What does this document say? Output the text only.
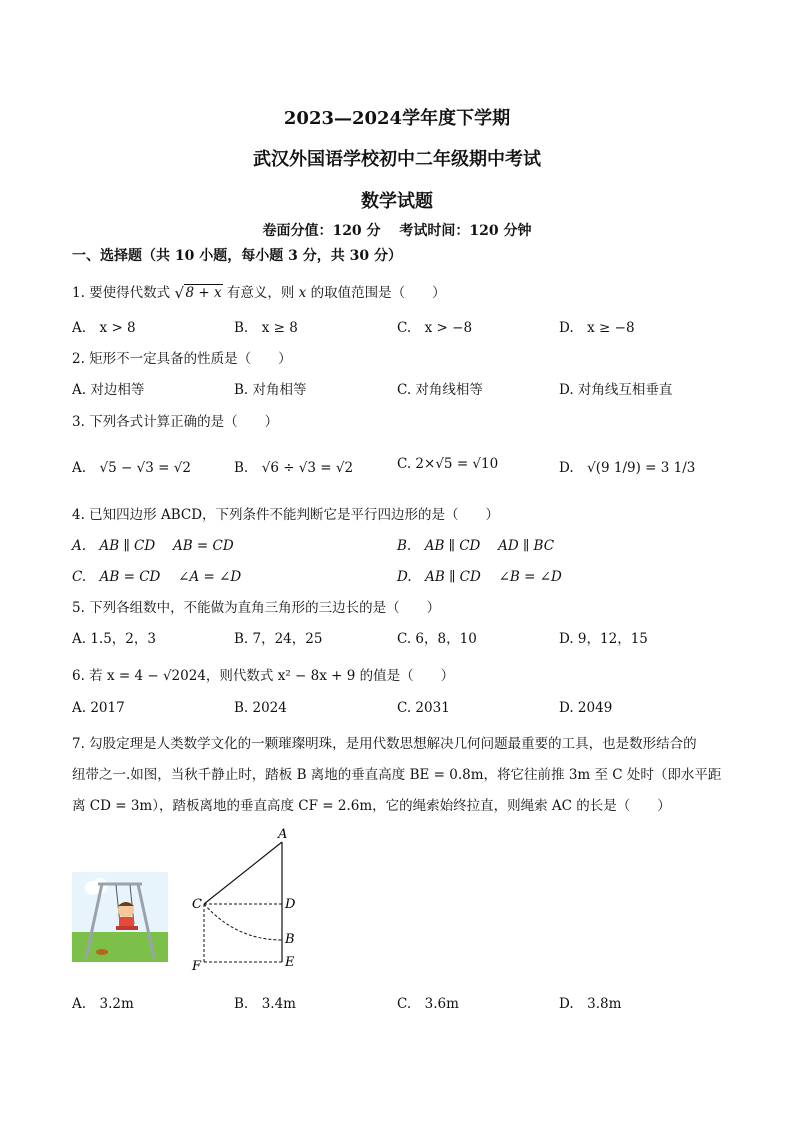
2023—2024学年度下学期
武汉外国语学校初中二年级期中考试
数学试题
卷面分值：120 分　 考试时间：120 分钟
一、选择题（共 10 小题，每小题 3 分，共 30 分）
1. 要使得代数式 √ 8 + x 有意义，则 x 的取值范围是（　　）
A.　x > 8	B.　x ≥ 8	C.　x > −8	D.　x ≥ −8
2. 矩形不一定具备的性质是（　　）
A. 对边相等	B. 对角相等	C. 对角线相等	D. 对角线互相垂直
3. 下列各式计算正确的是（　　）
A.　√5 − √3 = √2	B.　√6 ÷ √3 = √2	C. 2×√5 = √10	D.　√(9 1/9) = 3 1/3
4. 已知四边形 ABCD，下列条件不能判断它是平行四边形的是（　　）
A.　AB ∥ CD　 AB = CD	B.　AB ∥ CD　 AD ∥ BC
C.　AB = CD　 ∠A = ∠D	D.　AB ∥ CD　 ∠B = ∠D
5. 下列各组数中，不能做为直角三角形的三边长的是（　　）
A. 1.5，2，3	B. 7，24，25	C. 6，8，10	D. 9，12，15
6. 若 x = 4 − √2024，则代数式 x² − 8x + 9 的值是（　　）
A. 2017	B. 2024	C. 2031	D. 2049
7. 勾股定理是人类数学文化的一颗璀璨明珠，是用代数思想解决几何问题最重要的工具，也是数形结合的
纽带之一.如图，当秋千静止时，踏板 B 离地的垂直高度 BE = 0.8m，将它往前推 3m 至 C 处时（即水平距
离 CD = 3m），踏板离地的垂直高度 CF = 2.6m，它的绳索始终拉直，则绳索 AC 的长是（　　）
A
C	D
B
F	E
A.　3.2m	B.　3.4m	C.　3.6m	D.　3.8m
